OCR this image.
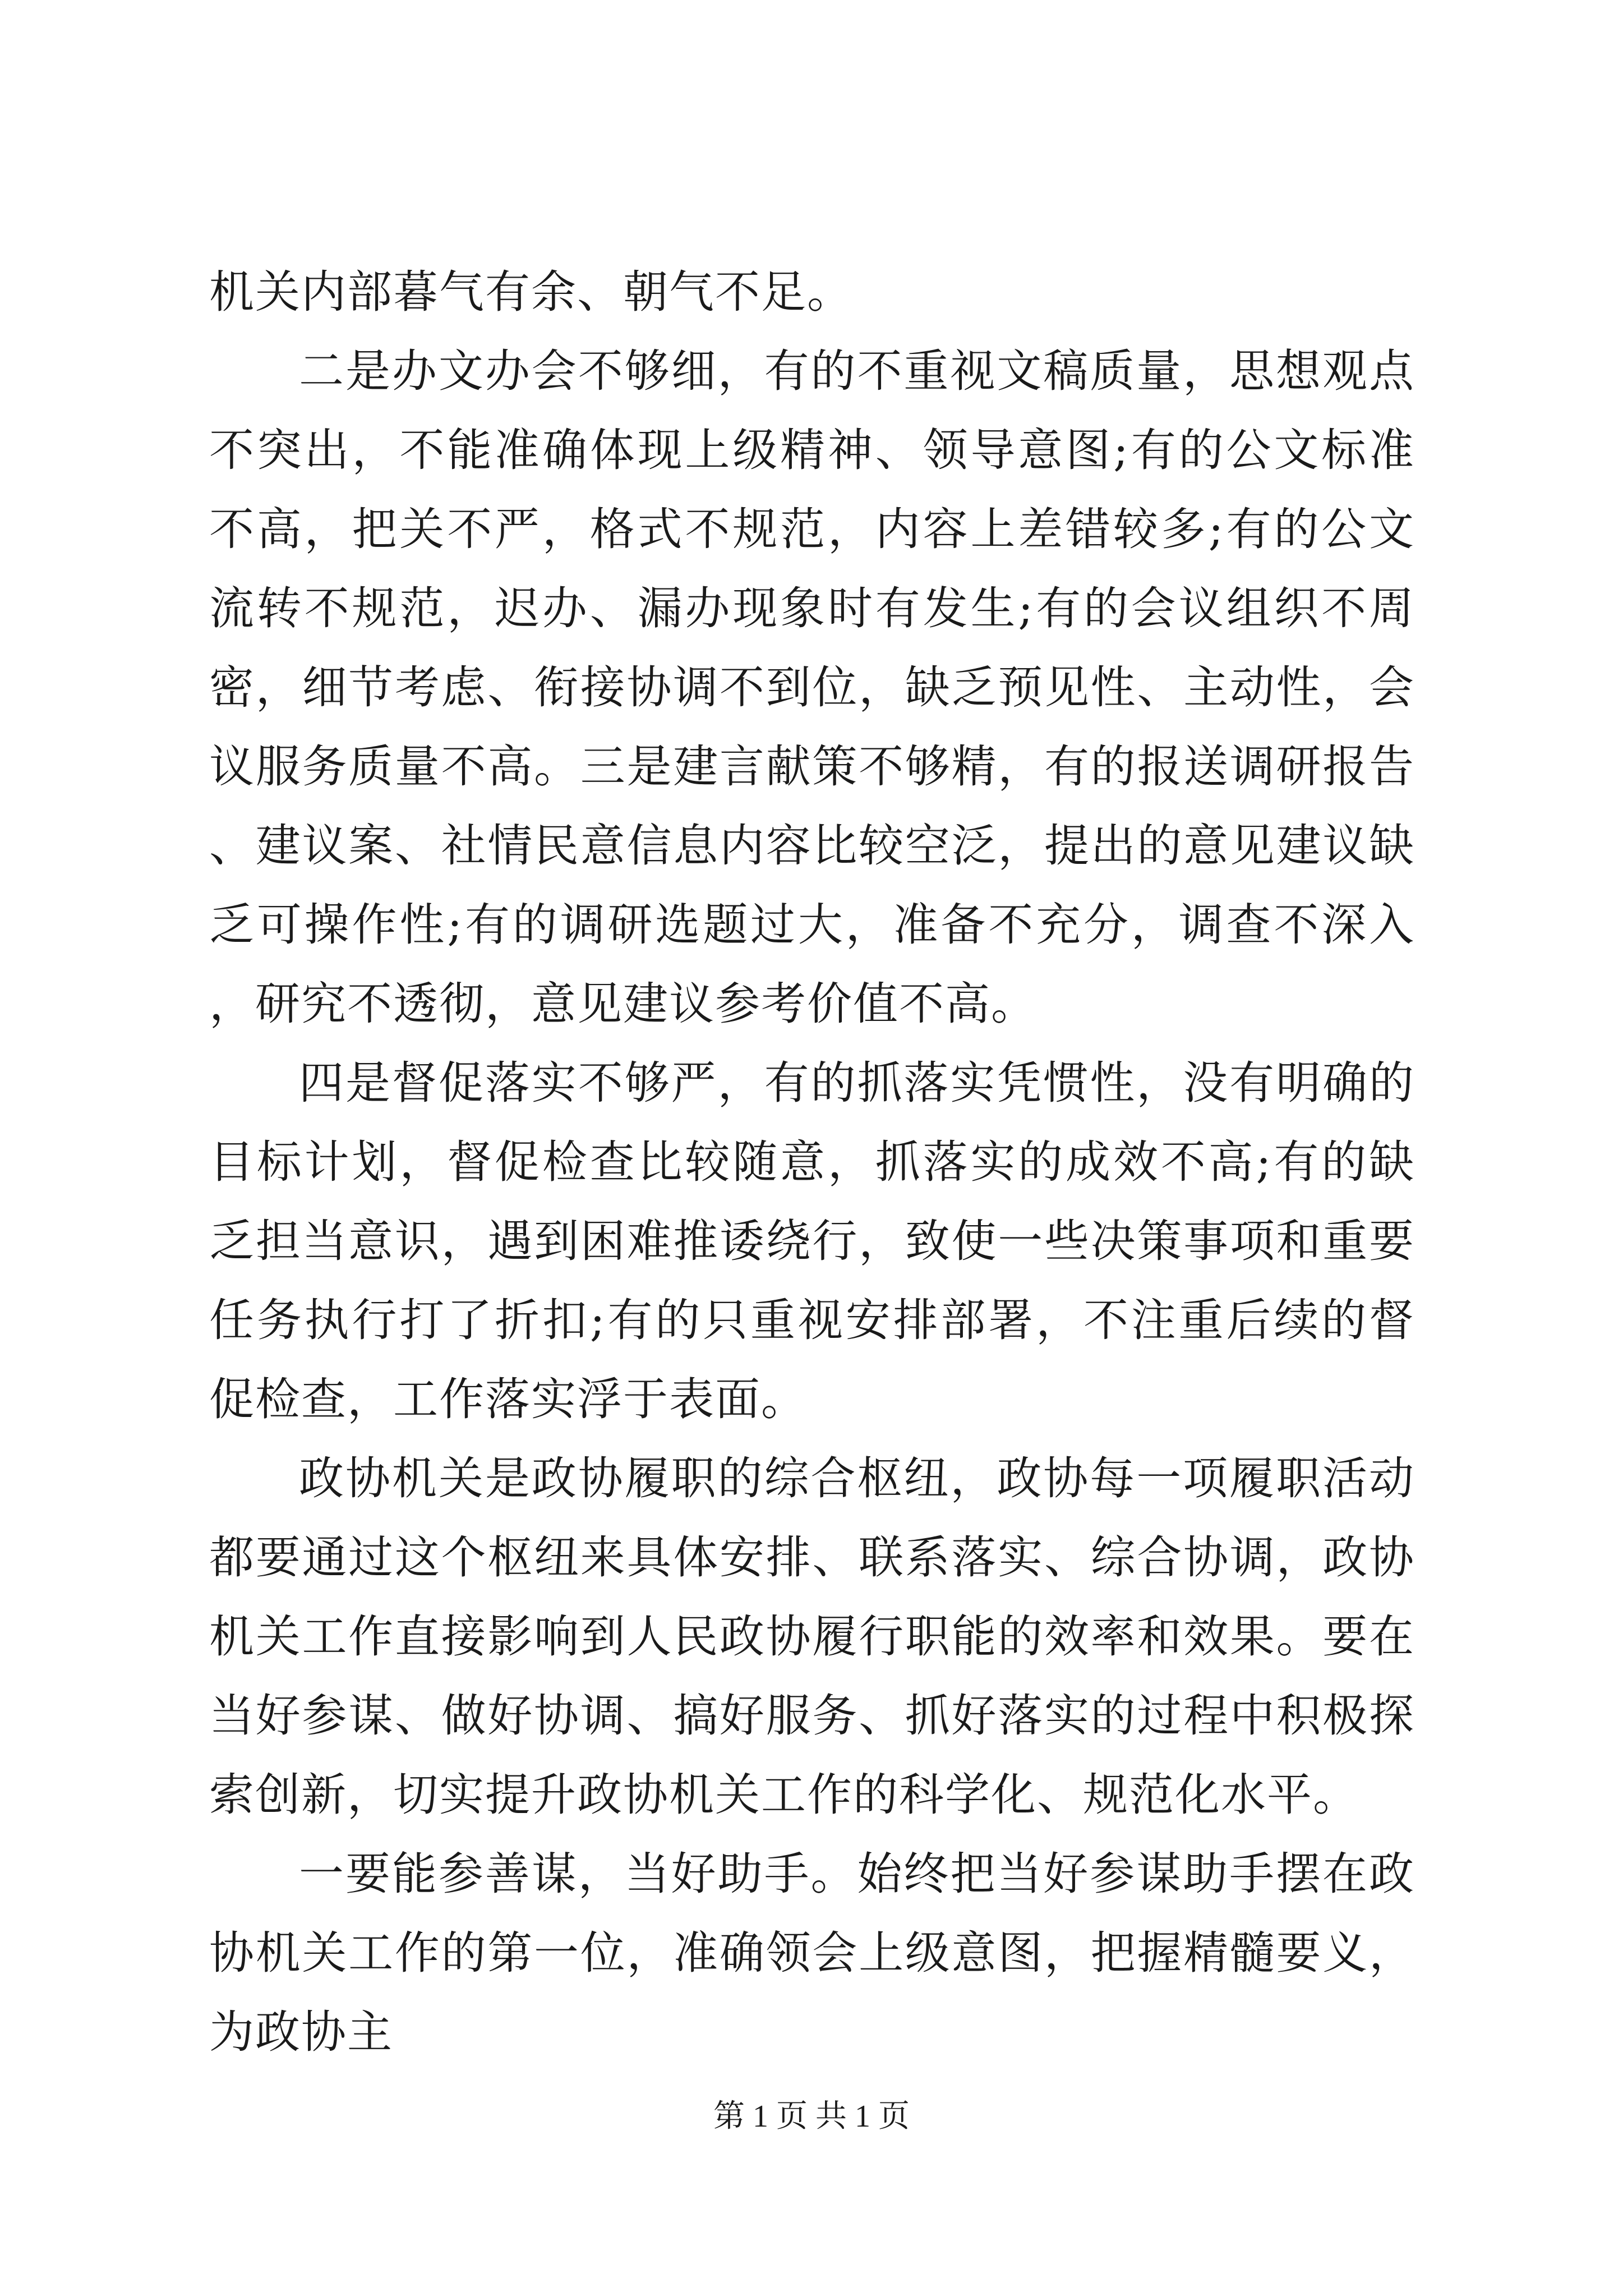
机关内部暮气有余、朝气不足。

二是办文办会不够细，有的不重视文稿质量，思想观点不突出，不能准确体现上级精神、领导意图;有的公文标准不高，把关不严，格式不规范，内容上差错较多;有的公文流转不规范，迟办、漏办现象时有发生;有的会议组织不周密，细节考虑、衔接协调不到位，缺乏预见性、主动性，会议服务质量不高。三是建言献策不够精，有的报送调研报告、建议案、社情民意信息内容比较空泛，提出的意见建议缺乏可操作性;有的调研选题过大，准备不充分，调查不深入，研究不透彻，意见建议参考价值不高。

四是督促落实不够严，有的抓落实凭惯性，没有明确的目标计划，督促检查比较随意，抓落实的成效不高;有的缺乏担当意识，遇到困难推诿绕行，致使一些决策事项和重要任务执行打了折扣;有的只重视安排部署，不注重后续的督促检查，工作落实浮于表面。

政协机关是政协履职的综合枢纽，政协每一项履职活动都要通过这个枢纽来具体安排、联系落实、综合协调，政协机关工作直接影响到人民政协履行职能的效率和效果。要在当好参谋、做好协调、搞好服务、抓好落实的过程中积极探索创新，切实提升政协机关工作的科学化、规范化水平。

一要能参善谋，当好助手。始终把当好参谋助手摆在政协机关工作的第一位，准确领会上级意图，把握精髓要义，为政协主

第 1 页 共 1 页
